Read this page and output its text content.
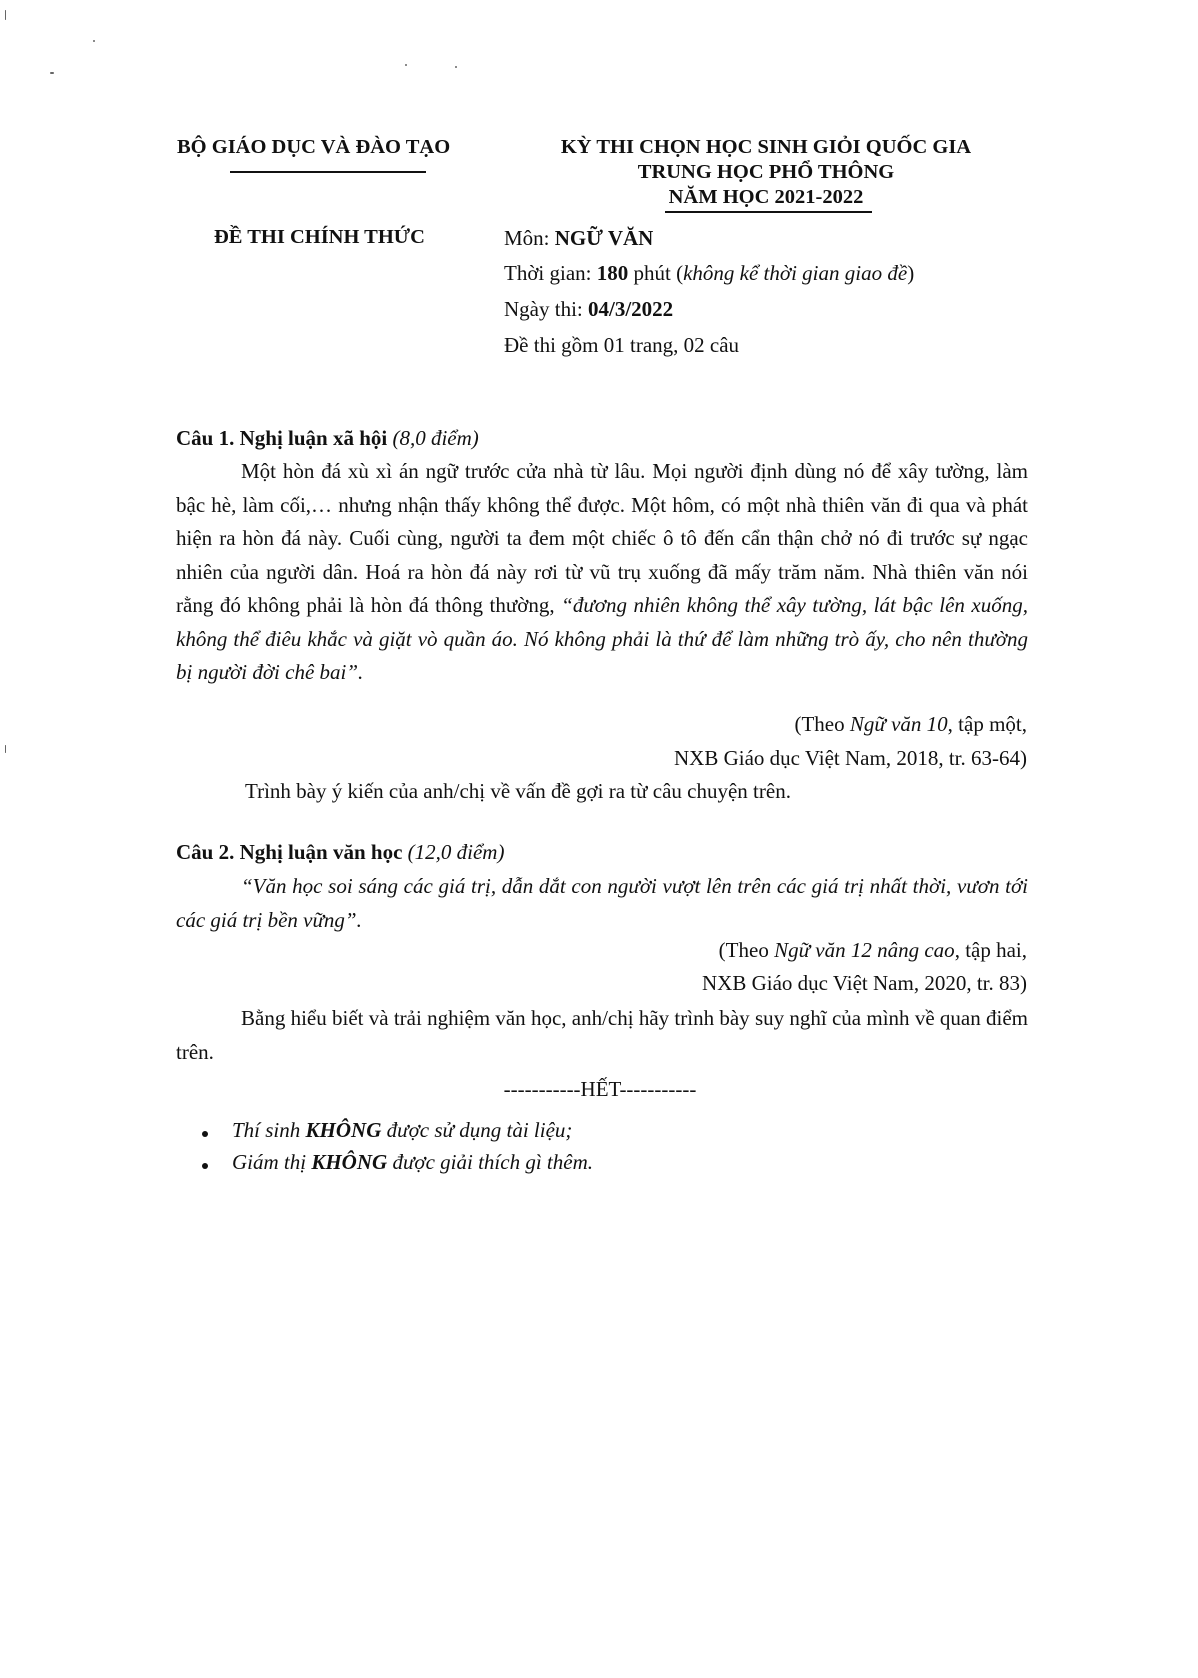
BỘ GIÁO DỤC VÀ ĐÀO TẠO	KỲ THI CHỌN HỌC SINH GIỎI QUỐC GIA
TRUNG HỌC PHỔ THÔNG
NĂM HỌC 2021-2022
ĐỀ THI CHÍNH THỨC	Môn: NGỮ VĂN
Thời gian: 180 phút (không kể thời gian giao đề)
Ngày thi: 04/3/2022
Đề thi gồm 01 trang, 02 câu
Câu 1. Nghị luận xã hội (8,0 điểm)
Một hòn đá xù xì án ngữ trước cửa nhà từ lâu. Mọi người định dùng nó để xây tường, làm bậc hè, làm cối,… nhưng nhận thấy không thể được. Một hôm, có một nhà thiên văn đi qua và phát hiện ra hòn đá này. Cuối cùng, người ta đem một chiếc ô tô đến cẩn thận chở nó đi trước sự ngạc nhiên của người dân. Hoá ra hòn đá này rơi từ vũ trụ xuống đã mấy trăm năm. Nhà thiên văn nói rằng đó không phải là hòn đá thông thường, “đương nhiên không thể xây tường, lát bậc lên xuống, không thể điêu khắc và giặt vò quần áo. Nó không phải là thứ để làm những trò ấy, cho nên thường bị người đời chê bai”.
(Theo Ngữ văn 10, tập một,
NXB Giáo dục Việt Nam, 2018, tr. 63-64)
Trình bày ý kiến của anh/chị về vấn đề gợi ra từ câu chuyện trên.
Câu 2. Nghị luận văn học (12,0 điểm)
“Văn học soi sáng các giá trị, dẫn dắt con người vượt lên trên các giá trị nhất thời, vươn tới các giá trị bền vững”.
(Theo Ngữ văn 12 nâng cao, tập hai,
NXB Giáo dục Việt Nam, 2020, tr. 83)
Bằng hiểu biết và trải nghiệm văn học, anh/chị hãy trình bày suy nghĩ của mình về quan điểm trên.
-----------HẾT-----------
Thí sinh KHÔNG được sử dụng tài liệu;
Giám thị KHÔNG được giải thích gì thêm.
